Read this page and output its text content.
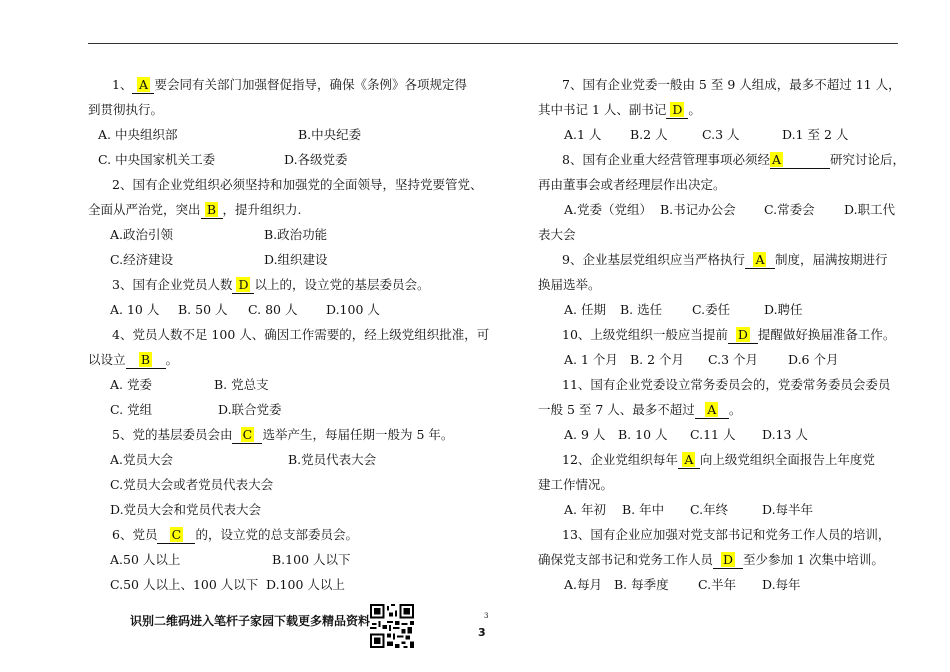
1、 A 要会同有关部门加强督促指导，确保《条例》各项规定得
到贯彻执行。
A. 中央组织部	B.中央纪委
C. 中央国家机关工委	D.各级党委
2、国有企业党组织必须坚持和加强党的全面领导，坚持党要管党、
全面从严治党，突出 B ，提升组织力.
A.政治引领	B.政治功能
C.经济建设	D.组织建设
3、国有企业党员人数 D 以上的，设立党的基层委员会。
A. 10 人 B. 50 人 C. 80 人 D.100 人
4、党员人数不足 100 人、确因工作需要的，经上级党组织批准，可
以设立 B 。
A. 党委	B. 党总支
C. 党组	D.联合党委
5、党的基层委员会由 C 选举产生，每届任期一般为 5 年。
A.党员大会	B.党员代表大会
C.党员大会或者党员代表大会
D.党员大会和党员代表大会
6、党员 C 的，设立党的总支部委员会。
A.50 人以上	B.100 人以下
C.50 人以上、100 人以下 D.100 人以上
7、国有企业党委一般由 5 至 9 人组成，最多不超过 11 人，
其中书记 1 人、副书记 D 。
A.1 人 B.2 人	C.3 人	D.1 至 2 人
8、国有企业重大经营管理事项必须经 A	研究讨论后，
再由董事会或者经理层作出决定。
A.党委（党组） B.书记办公会 C.常委会 D.职工代
表大会
9、企业基层党组织应当严格执行 A 制度，届满按期进行
换届选举。
A. 任期 B. 选任 C.委任	D.聘任
10、上级党组织一般应当提前 D 提醒做好换届准备工作。
A. 1 个月 B. 2 个月 C.3 个月 D.6 个月
11、国有企业党委设立常务委员会的，党委常务委员会委员
一般 5 至 7 人、最多不超过 A 。
A. 9 人 B. 10 人 C.11 人 D.13 人
12、企业党组织每年 A 向上级党组织全面报告上年度党
建工作情况。
A. 年初 B. 年中 C.年终	D.每半年
13、国有企业应加强对党支部书记和党务工作人员的培训，
确保党支部书记和党务工作人员 D 至少参加 1 次集中培训。
A.每月 B. 每季度 C.半年 D.每年
识别二维码进入笔杆子家园下载更多精品资料	3
3
